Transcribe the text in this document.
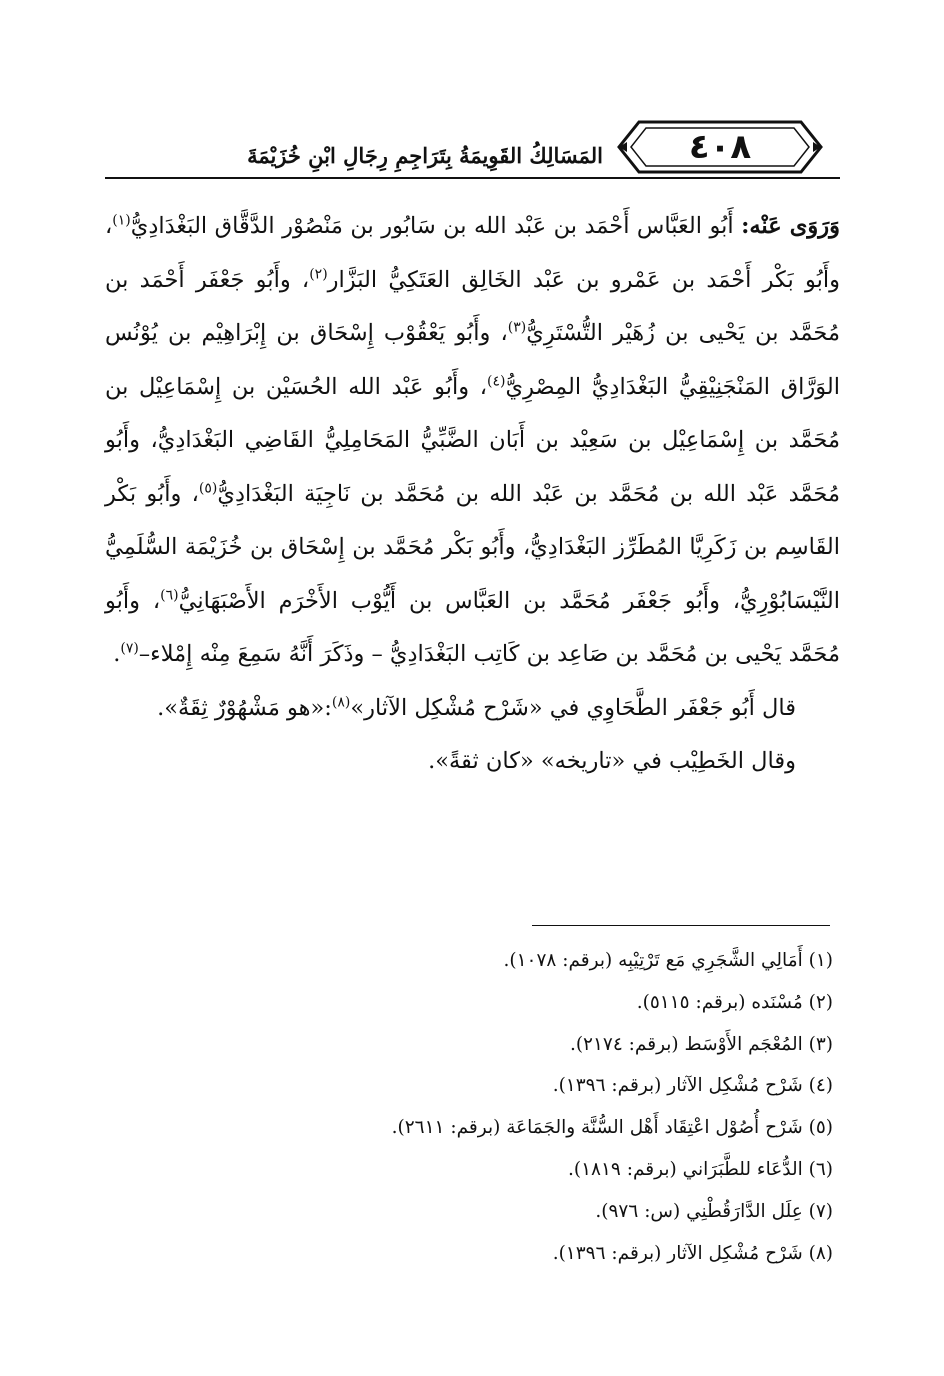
المَسَالِكُ القَوِيمَةُ بِتَرَاجِمِ رِجَالِ ابْنِ خُزَيْمَةَ	٤٠٨

وَرَوَى عَنْه: أَبُو العَبَّاس أَحْمَد بن عَبْد الله بن سَابُور بن مَنْصُوْر الدَّقَّاق البَغْدَادِيُّ$^{(١)}$، وأَبُو بَكْر أَحْمَد بن عَمْرو بن عَبْد الخَالِق العَتَكِيُّ البَزَّار$^{(٢)}$، وأَبُو جَعْفَر أَحْمَد بن مُحَمَّد بن يَحْيى بن زُهَيْر التُّسْتَرِيُّ$^{(٣)}$، وأَبُو يَعْقُوْب إِسْحَاق بن إِبْرَاهِيْم بن يُوْنُس الوَرَّاق المَنْجَنِيْقِيُّ البَغْدَادِيُّ المِصْرِيُّ$^{(٤)}$، وأَبُو عَبْد الله الحُسَيْن بن إِسْمَاعِيْل بن مُحَمَّد بن إِسْمَاعِيْل بن سَعِيْد بن أَبَان الضَّبِّيُّ المَحَامِلِيُّ القَاضِي البَغْدَادِيُّ، وأَبُو مُحَمَّد عَبْد الله بن مُحَمَّد بن عَبْد الله بن مُحَمَّد بن نَاجِيَة البَغْدَادِيُّ$^{(٥)}$، وأَبُو بَكْر القَاسِم بن زَكَرِيَّا المُطَرِّز البَغْدَادِيُّ، وأَبُو بَكْر مُحَمَّد بن إِسْحَاق بن خُزَيْمَة السُّلَمِيُّ النَّيْسَابُوْرِيُّ، وأَبُو جَعْفَر مُحَمَّد بن العَبَّاس بن أَيُّوْب الأَخْرَم الأَصْبَهَانِيُّ$^{(٦)}$، وأَبُو مُحَمَّد يَحْيى بن مُحَمَّد بن صَاعِد بن كَاتِب البَغْدَادِيُّ – وذَكَرَ أَنَّهُ سَمِعَ مِنْه إِمْلاء–$^{(٧)}$.

قال أَبُو جَعْفَر الطَّحَاوِي في «شَرْح مُشْكِل الآثار»$^{(٨)}$:«هو مَشْهُوْرٌ ثِقَةٌ».

وقال الخَطِيْب في «تاريخه» «كان ثقةً».

(١) أَمَالِي الشَّجَرِي مَع تَرْتِيْبِه (برقم: ١٠٧٨).
(٢) مُسْنَده (برقم: ٥١١٥).
(٣) المُعْجَم الأَوْسَط (برقم: ٢١٧٤).
(٤) شَرْح مُشْكِل الآثار (برقم: ١٣٩٦).
(٥) شَرْح أُصُوْل اعْتِقَاد أَهْل السُّنَّة والجَمَاعَة (برقم: ٢٦١١).
(٦) الدُّعَاء للطَّبَرَاني (برقم: ١٨١٩).
(٧) عِلَل الدَّارَقُطْنِي (س: ٩٧٦).
(٨) شَرْح مُشْكِل الآثار (برقم: ١٣٩٦).
